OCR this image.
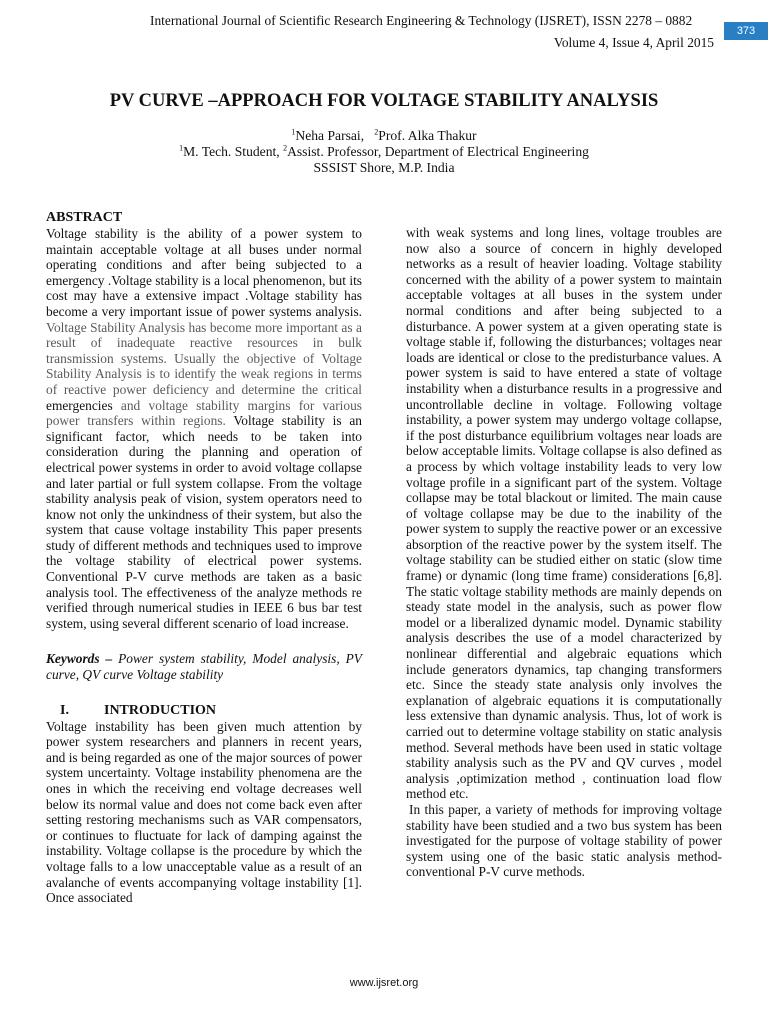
International Journal of Scientific Research Engineering & Technology (IJSRET), ISSN 2278 – 0882
Volume 4, Issue 4, April 2015
373
PV CURVE –APPROACH FOR VOLTAGE STABILITY ANALYSIS
$^1$Neha Parsai, $^2$Prof. Alka Thakur
$^1$M. Tech. Student, $^2$Assist. Professor, Department of Electrical Engineering
SSSIST Shore, M.P. India
ABSTRACT

Voltage stability is the ability of a power system to maintain acceptable voltage at all buses under normal operating conditions and after being subjected to a emergency .Voltage stability is a local phenomenon, but its cost may have a extensive impact .Voltage stability has become a very important issue of power systems analysis. Voltage Stability Analysis has become more important as a result of inadequate reactive resources in bulk transmission systems. Usually the objective of Voltage Stability Analysis is to identify the weak regions in terms of reactive power deficiency and determine the critical emergencies and voltage stability margins for various power transfers within regions. Voltage stability is an significant factor, which needs to be taken into consideration during the planning and operation of electrical power systems in order to avoid voltage collapse and later partial or full system collapse. From the voltage stability analysis peak of vision, system operators need to know not only the unkindness of their system, but also the system that cause voltage instability This paper presents study of different methods and techniques used to improve the voltage stability of electrical power systems. Conventional P-V curve methods are taken as a basic analysis tool. The effectiveness of the analyze methods re verified through numerical studies in IEEE 6 bus bar test system, using several different scenario of load increase.

Keywords – Power system stability, Model analysis, PV curve, QV curve Voltage stability

I.	INTRODUCTION

Voltage instability has been given much attention by power system researchers and planners in recent years, and is being regarded as one of the major sources of power system uncertainty. Voltage instability phenomena are the ones in which the receiving end voltage decreases well below its normal value and does not come back even after setting restoring mechanisms such as VAR compensators, or continues to fluctuate for lack of damping against the instability. Voltage collapse is the procedure by which the voltage falls to a low unacceptable value as a result of an avalanche of events accompanying voltage instability [1]. Once associated

with weak systems and long lines, voltage troubles are now also a source of concern in highly developed networks as a result of heavier loading. Voltage stability concerned with the ability of a power system to maintain acceptable voltages at all buses in the system under normal conditions and after being subjected to a disturbance. A power system at a given operating state is voltage stable if, following the disturbances; voltages near loads are identical or close to the predisturbance values. A power system is said to have entered a state of voltage instability when a disturbance results in a progressive and uncontrollable decline in voltage. Following voltage instability, a power system may undergo voltage collapse, if the post disturbance equilibrium voltages near loads are below acceptable limits. Voltage collapse is also defined as a process by which voltage instability leads to very low voltage profile in a significant part of the system. Voltage collapse may be total blackout or limited. The main cause of voltage collapse may be due to the inability of the power system to supply the reactive power or an excessive absorption of the reactive power by the system itself. The voltage stability can be studied either on static (slow time frame) or dynamic (long time frame) considerations [6,8]. The static voltage stability methods are mainly depends on steady state model in the analysis, such as power flow model or a liberalized dynamic model. Dynamic stability analysis describes the use of a model characterized by nonlinear differential and algebraic equations which include generators dynamics, tap changing transformers etc. Since the steady state analysis only involves the explanation of algebraic equations it is computationally less extensive than dynamic analysis. Thus, lot of work is carried out to determine voltage stability on static analysis method. Several methods have been used in static voltage stability analysis such as the PV and QV curves , model analysis ,optimization method , continuation load flow method etc.

In this paper, a variety of methods for improving voltage stability have been studied and a two bus system has been investigated for the purpose of voltage stability of power system using one of the basic static analysis method- conventional P-V curve methods.

www.ijsret.org
